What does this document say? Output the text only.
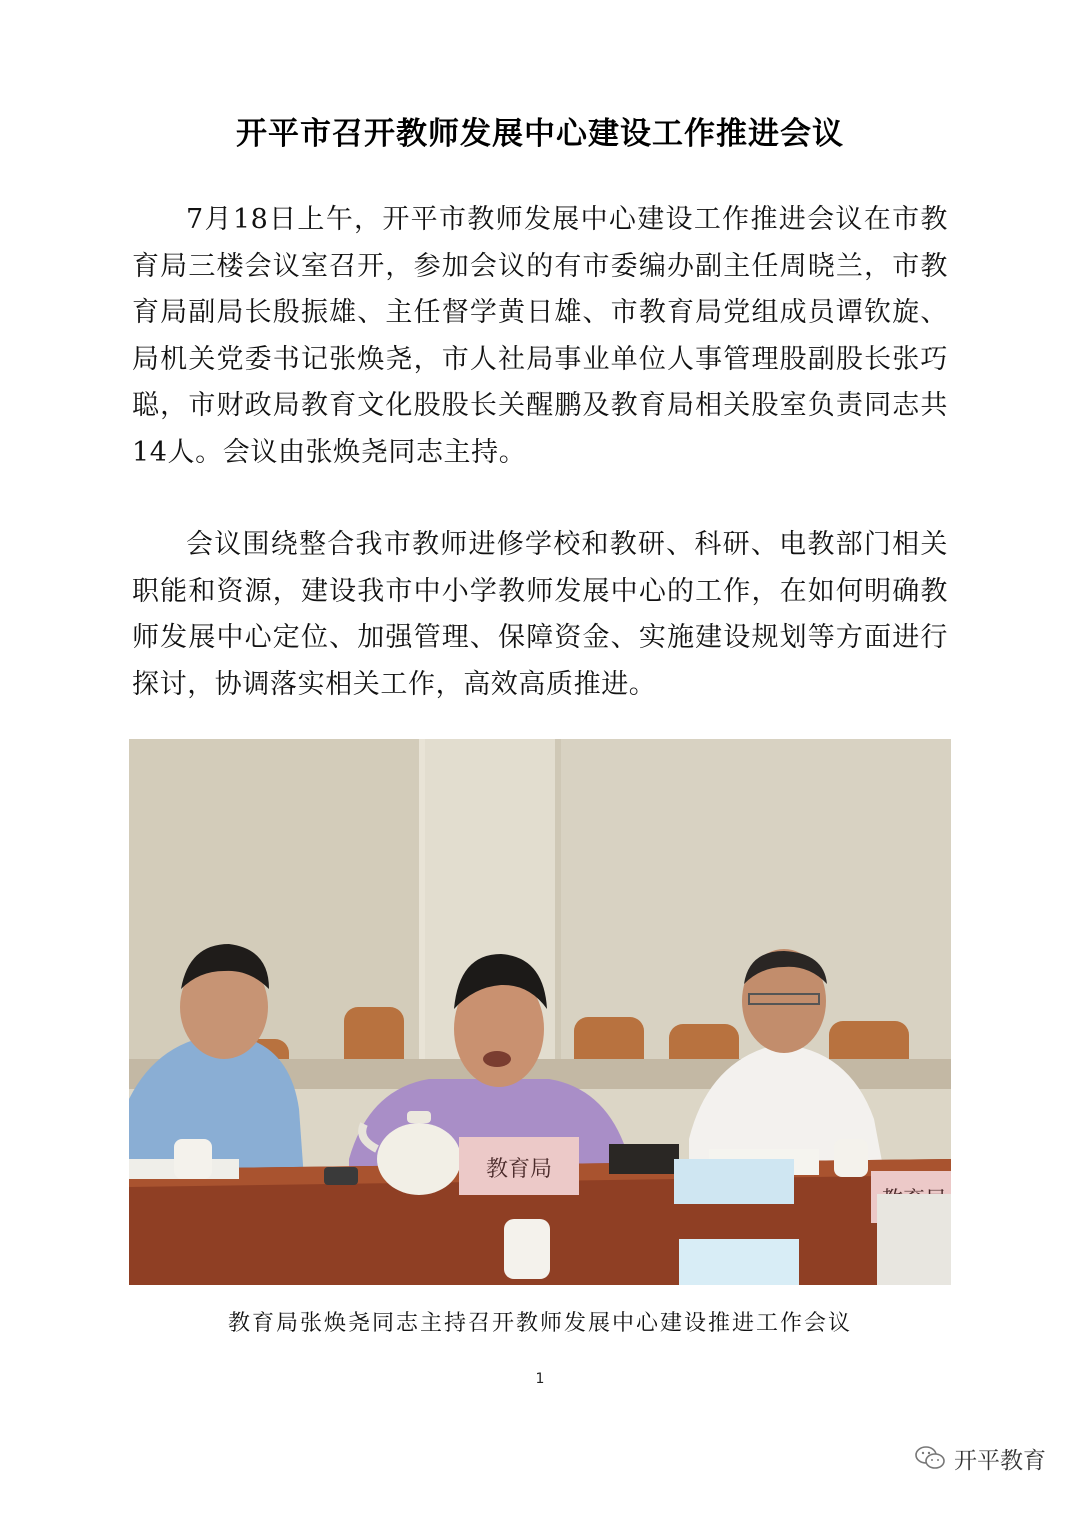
开平市召开教师发展中心建设工作推进会议

7月18日上午，开平市教师发展中心建设工作推进会议在市教育局三楼会议室召开，参加会议的有市委编办副主任周晓兰，市教育局副局长殷振雄、主任督学黄日雄、市教育局党组成员谭钦旋、局机关党委书记张焕尧，市人社局事业单位人事管理股副股长张巧聪，市财政局教育文化股股长关醒鹏及教育局相关股室负责同志共14人。会议由张焕尧同志主持。

会议围绕整合我市教师进修学校和教研、科研、电教部门相关职能和资源，建设我市中小学教师发展中心的工作，在如何明确教师发展中心定位、加强管理、保障资金、实施建设规划等方面进行探讨，协调落实相关工作，高效高质推进。

教育局
教育局张焕尧同志主持召开教师发展中心建设推进工作会议
1
开平教育
